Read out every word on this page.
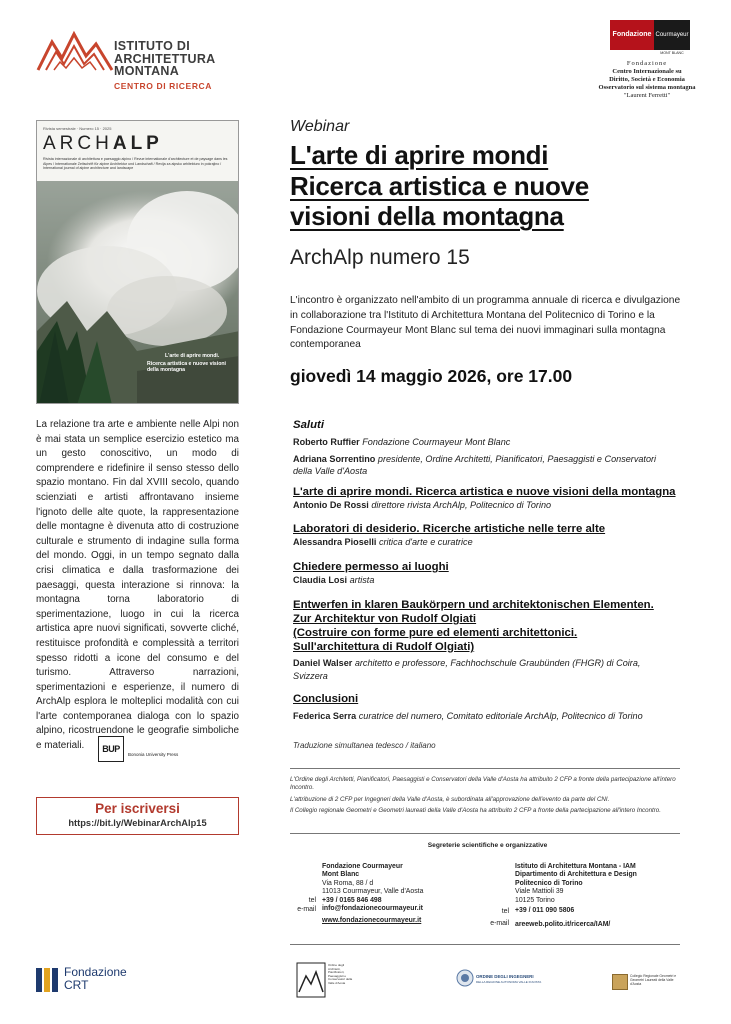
ISTITUTO DI
ARCHITETTURA
MONTANA
CENTRO DI RICERCA
Fondazione Courmayeur
MONT BLANC
Fondazione
Centro Internazionale su
Diritto, Società e Economia
Osservatorio sul sistema montagna
"Laurent Ferretti"
Rivista semestrale · Numero 15 · 2025
ARCHALP
Rivista internazionale di architettura e paesaggio alpino / Revue internationale d'architecture et de paysage dans les Alpes / Internationale Zeitschrift für alpine Architektur und Landschaft / Revija za alpsko arhitekturo in pokrajino / International journal of alpine architecture and landscape
L'arte di aprire mondi.
Ricerca artistica e nuove visioni della montagna
Webinar
L'arte di aprire mondi
Ricerca artistica e nuove
visioni della montagna
ArchAlp numero 15
L'incontro è organizzato nell'ambito di un programma annuale di ricerca e divulgazione in collaborazione tra l'Istituto di Architettura Montana del Politecnico di Torino e la Fondazione Courmayeur Mont Blanc sul tema dei nuovi immaginari sulla montagna contemporanea
giovedì 14 maggio 2026, ore 17.00
La relazione tra arte e ambiente nelle Alpi non è mai stata un semplice esercizio estetico ma un gesto conoscitivo, un modo di comprendere e ridefinire il senso stesso dello spazio montano. Fin dal XVIII secolo, quando scienziati e artisti affrontavano insieme l'ignoto delle alte quote, la rappresentazione delle montagne è divenuta atto di costruzione culturale e strumento di indagine sulla forma del mondo. Oggi, in un tempo segnato dalla crisi climatica e dalla trasformazione dei paesaggi, questa interazione si rinnova: la montagna torna laboratorio di sperimentazione, luogo in cui la ricerca artistica apre nuovi significati, sovverte cliché, restituisce profondità e complessità a territori spesso ridotti a icone del consumo e del turismo. Attraverso narrazioni, sperimentazioni e esperienze, il numero di ArchAlp esplora le molteplici modalità con cui l'arte contemporanea dialoga con lo spazio alpino, ricostruendone le geografie simboliche e materiali.	BUP
Bononia University Press
Per iscriversi
https://bit.ly/WebinarArchAlp15
Saluti
Roberto Ruffier Fondazione Courmayeur Mont Blanc
Adriana Sorrentino presidente, Ordine Architetti, Pianificatori, Paesaggisti e Conservatori
della Valle d'Aosta
L'arte di aprire mondi. Ricerca artistica e nuove visioni della montagna
Antonio De Rossi direttore rivista ArchAlp, Politecnico di Torino
Laboratori di desiderio. Ricerche artistiche nelle terre alte
Alessandra Pioselli critica d'arte e curatrice
Chiedere permesso ai luoghi
Claudia Losi artista
Entwerfen in klaren Baukörpern und architektonischen Elementen.
Zur Architektur von Rudolf Olgiati
(Costruire con forme pure ed elementi architettonici.
Sull'architettura di Rudolf Olgiati)
Daniel Walser architetto e professore, Fachhochschule Graubünden (FHGR) di Coira,
Svizzera
Conclusioni
Federica Serra curatrice del numero, Comitato editoriale ArchAlp, Politecnico di Torino
Traduzione simultanea tedesco / italiano

L'Ordine degli Architetti, Pianificatori, Paesaggisti e Conservatori della Valle d'Aosta ha attribuito 2 CFP a fronte della partecipazione all'intero Incontro.

L'attribuzione di 2 CFP per Ingegneri della Valle d'Aosta, è subordinata all'approvazione dell'evento da parte del CNI.

Il Collegio regionale Geometri e Geometri laureati della Valle d'Aosta ha attribuito 2 CFP a fronte della partecipazione all'intero Incontro.

Segreterie scientifiche e organizzative
Fondazione Courmayeur
Mont Blanc
Via Roma, 88 / d
11013 Courmayeur, Valle d'Aosta
+39 / 0165 846 498
info@fondazionecourmayeur.it
www.fondazionecourmayeur.it
tel
e-mail
Istituto di Architettura Montana - IAM
Dipartimento di Architettura e Design
Politecnico di Torino
Viale Mattioli 39
10125 Torino
+39 / 011 090 5806
areeweb.polito.it/ricerca/IAM/
tel
e-mail
Fondazione
CRT
Ordine degli Architetti, Pianificatori, Paesaggisti e Conservatori della Valle d'Aosta
ORDINE DEGLI INGEGNERI
DELLA REGIONE AUTONOMA VALLE D'AOSTA
Collegio Regionale Geometri e Geometri Laureati della Valle d'Aosta
